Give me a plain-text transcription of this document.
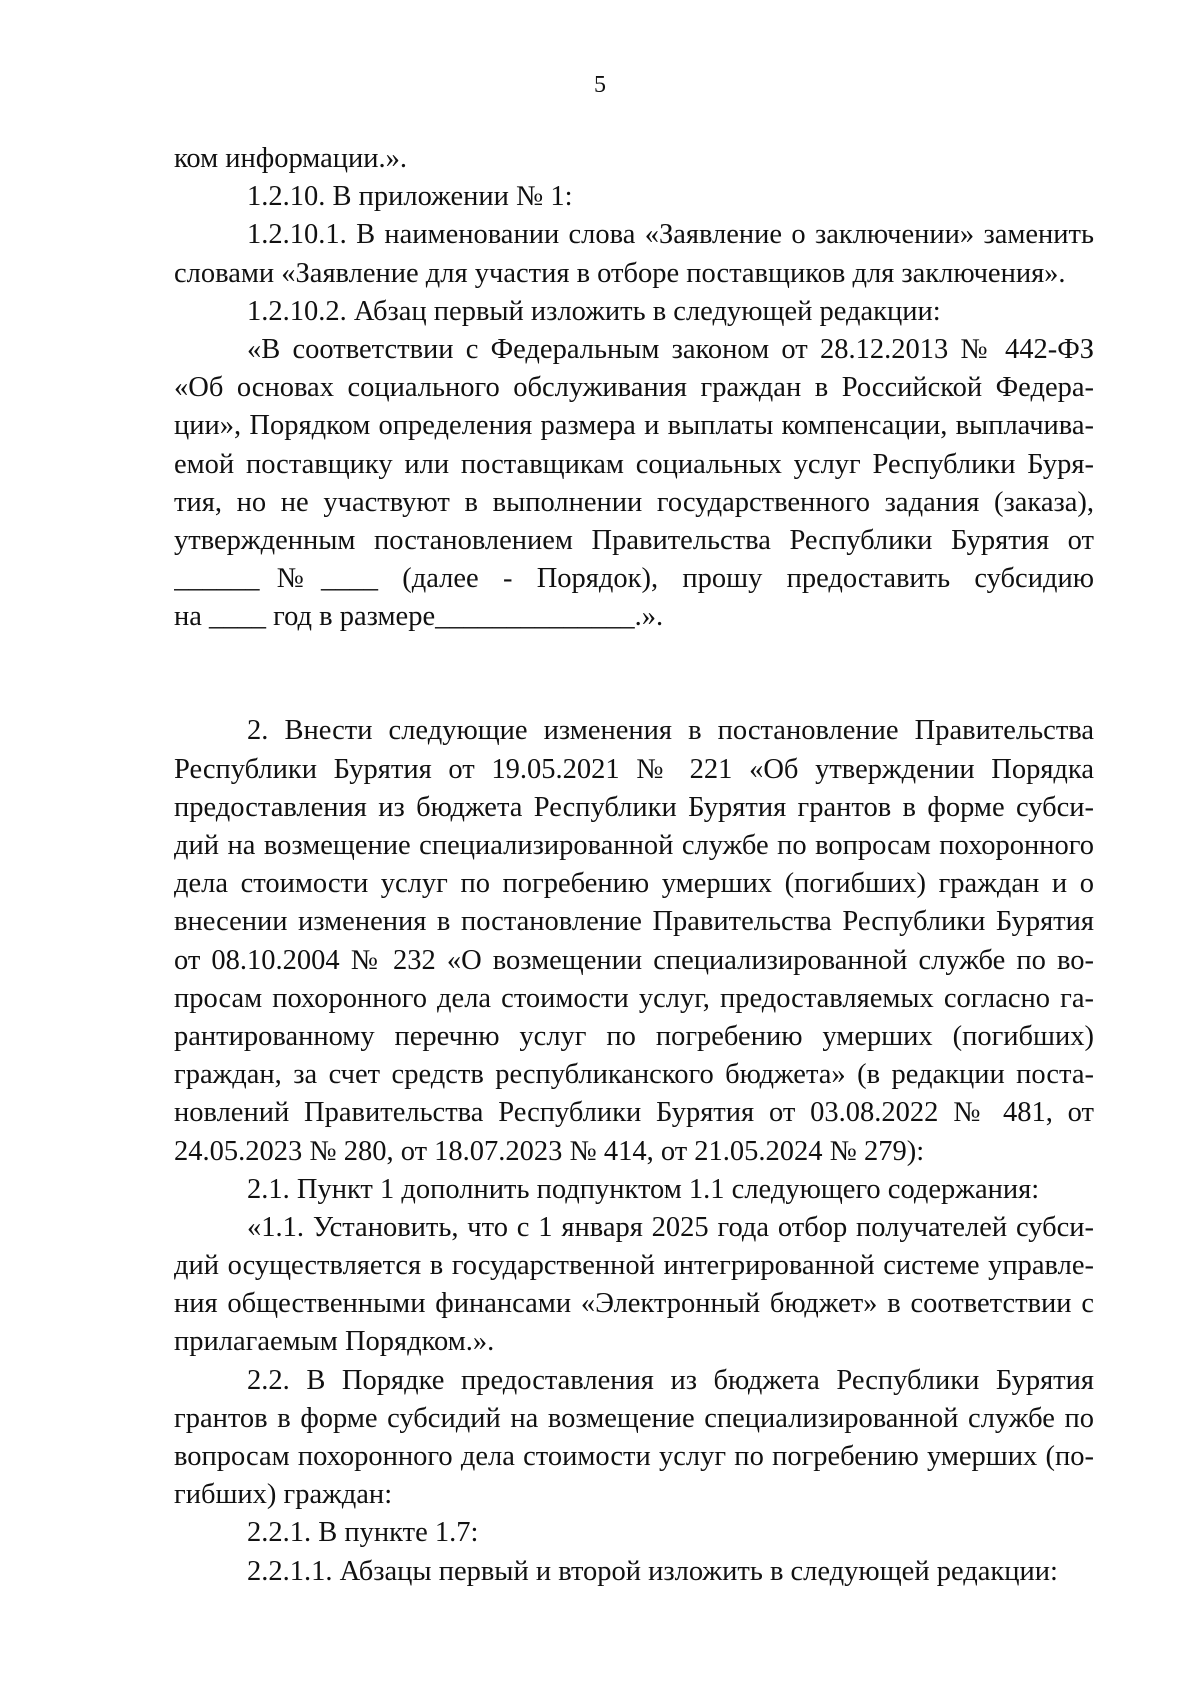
5
ком информации.».
1.2.10. В приложении № 1:
1.2.10.1. В наименовании слова «Заявление о заключении» заменить
словами «Заявление для участия в отборе поставщиков для заключения».
1.2.10.2. Абзац первый изложить в следующей редакции:
«В соответствии с Федеральным законом от 28.12.2013 № 442-ФЗ
«Об основах социального обслуживания граждан в Российской Федера-
ции», Порядком определения размера и выплаты компенсации, выплачива-
емой поставщику или поставщикам социальных услуг Республики Буря-
тия, но не участвуют в выполнении государственного задания (заказа),
утвержденным постановлением Правительства Республики Бурятия от
______№____ (далее - Порядок), прошу предоставить субсидию
на ____ год в размере______________.».
2. Внести следующие изменения в постановление Правительства
Республики Бурятия от 19.05.2021 № 221 «Об утверждении Порядка
предоставления из бюджета Республики Бурятия грантов в форме субси-
дий на возмещение специализированной службе по вопросам похоронного
дела стоимости услуг по погребению умерших (погибших) граждан и о
внесении изменения в постановление Правительства Республики Бурятия
от 08.10.2004 № 232 «О возмещении специализированной службе по во-
просам похоронного дела стоимости услуг, предоставляемых согласно га-
рантированному перечню услуг по погребению умерших (погибших)
граждан, за счет средств республиканского бюджета» (в редакции поста-
новлений Правительства Республики Бурятия от 03.08.2022 № 481, от
24.05.2023 № 280, от 18.07.2023 № 414, от 21.05.2024 № 279):
2.1. Пункт 1 дополнить подпунктом 1.1 следующего содержания:
«1.1. Установить, что с 1 января 2025 года отбор получателей субси-
дий осуществляется в государственной интегрированной системе управле-
ния общественными финансами «Электронный бюджет» в соответствии с
прилагаемым Порядком.».
2.2. В Порядке предоставления из бюджета Республики Бурятия
грантов в форме субсидий на возмещение специализированной службе по
вопросам похоронного дела стоимости услуг по погребению умерших (по-
гибших) граждан:
2.2.1. В пункте 1.7:
2.2.1.1. Абзацы первый и второй изложить в следующей редакции:
